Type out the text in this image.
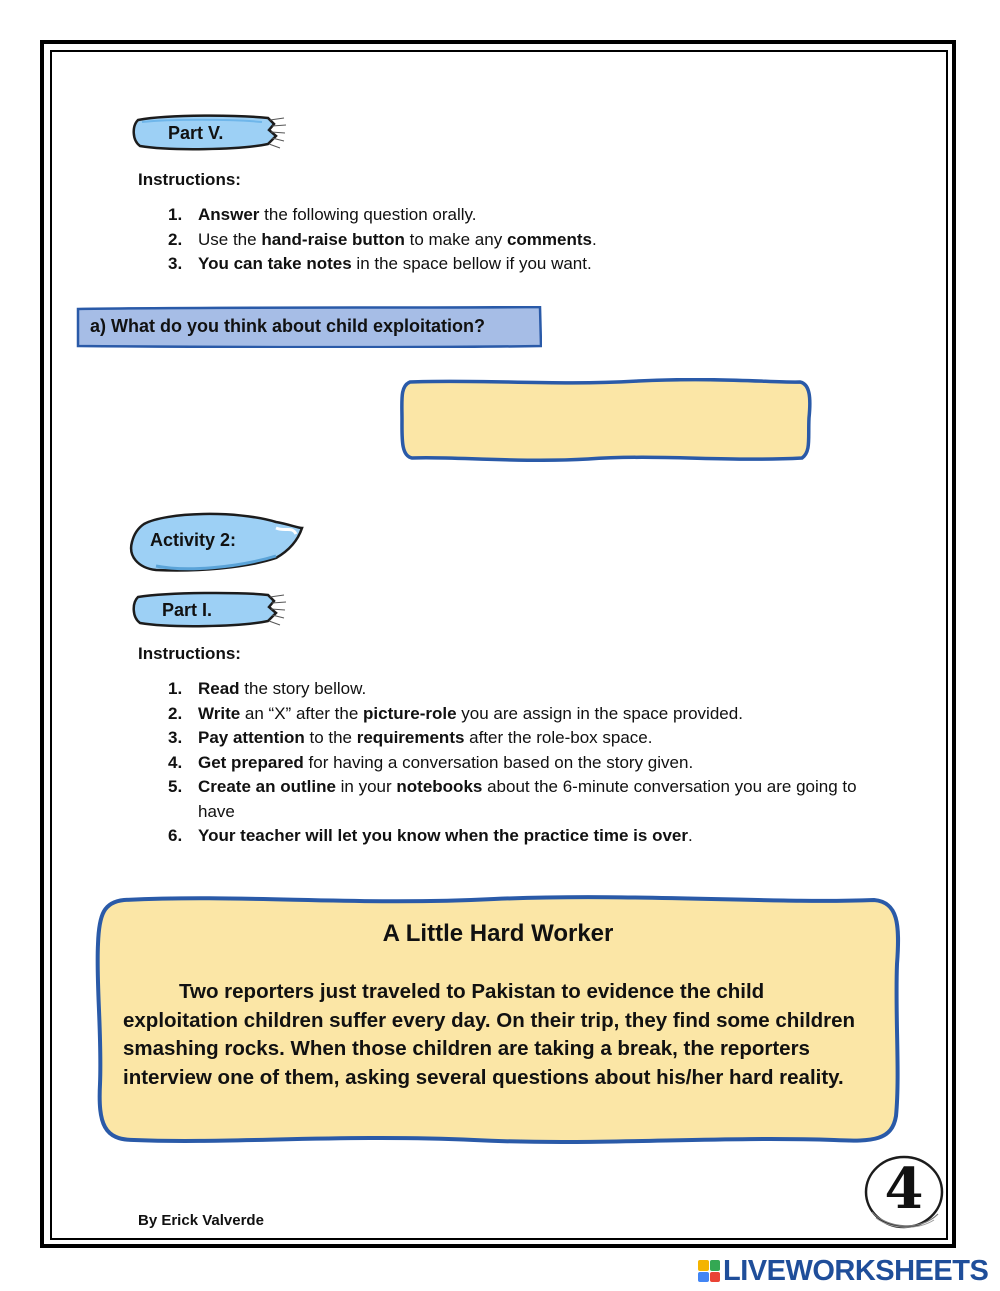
Part V.
Instructions:
1. Answer the following question orally.
2. Use the hand-raise button to make any comments.
3. You can take notes in the space bellow if you want.
a) What do you think about child exploitation?
Activity 2:
Part I.
Instructions:
1. Read the story bellow.
2. Write an “X” after the picture-role you are assign in the space provided.
3. Pay attention to the requirements after the role-box space.
4. Get prepared for having a conversation based on the story given.
5. Create an outline in your notebooks about the 6-minute conversation you are going to have
6. Your teacher will let you know when the practice time is over.
A Little Hard Worker
Two reporters just traveled to Pakistan to evidence the child exploitation children suffer every day. On their trip, they find some children smashing rocks. When those children are taking a break, the reporters interview one of them, asking several questions about his/her hard reality.
By Erick Valverde	4
LIVEWORKSHEETS
